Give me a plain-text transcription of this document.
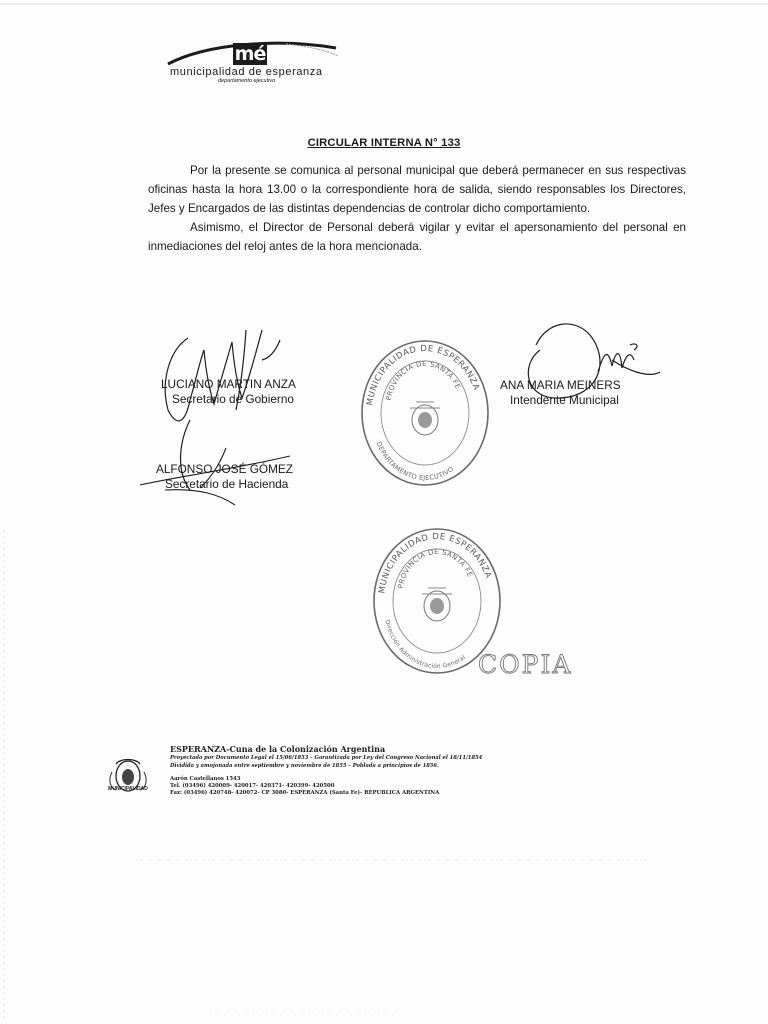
mé
municipalidad de esperanza
departamento ejecutivo
CIRCULAR INTERNA N° 133

Por la presente se comunica al personal municipal que deberá permanecer en sus respectivas oficinas hasta la hora 13.00 o la correspondiente hora de salida, siendo responsables los Directores, Jefes y Encargados de las distintas dependencias de controlar dicho comportamiento.

Asimismo, el Director de Personal deberá vigilar y evitar el apersonamiento del personal en inmediaciones del reloj antes de la hora mencionada.

LUCIANO MARTIN ANZA
Secretario de Gobierno
ANA MARIA MEINERS
Intendente Municipal
ALFONSO JOSÉ GÓMEZ
Secretario de Hacienda
MUNICIPALIDAD DE ESPERANZA
PROVINCIA DE SANTA FE
DEPARTAMENTO EJECUTIVO
MUNICIPALIDAD DE ESPERANZA
PROVINCIA DE SANTA FE
Dirección Administración General COPIA
MUNICIPALIDAD
ESPERANZA-Cuna de la Colonización Argentina
Proyectada por Documento Legal el 15/06/1853 – Garantizada por Ley del Congreso Nacional el 18/11/1854
Dividida y amojonada entre septiembre y noviembre de 1855 – Poblada a principios de 1856.
Aarón Castellanos 1543
Tel. (03496) 420009- 420017- 420371- 420399- 420500
Fax: (03496) 420748- 420072- CP 3080- ESPERANZA (Santa Fe)- REPUBLICA ARGENTINA
